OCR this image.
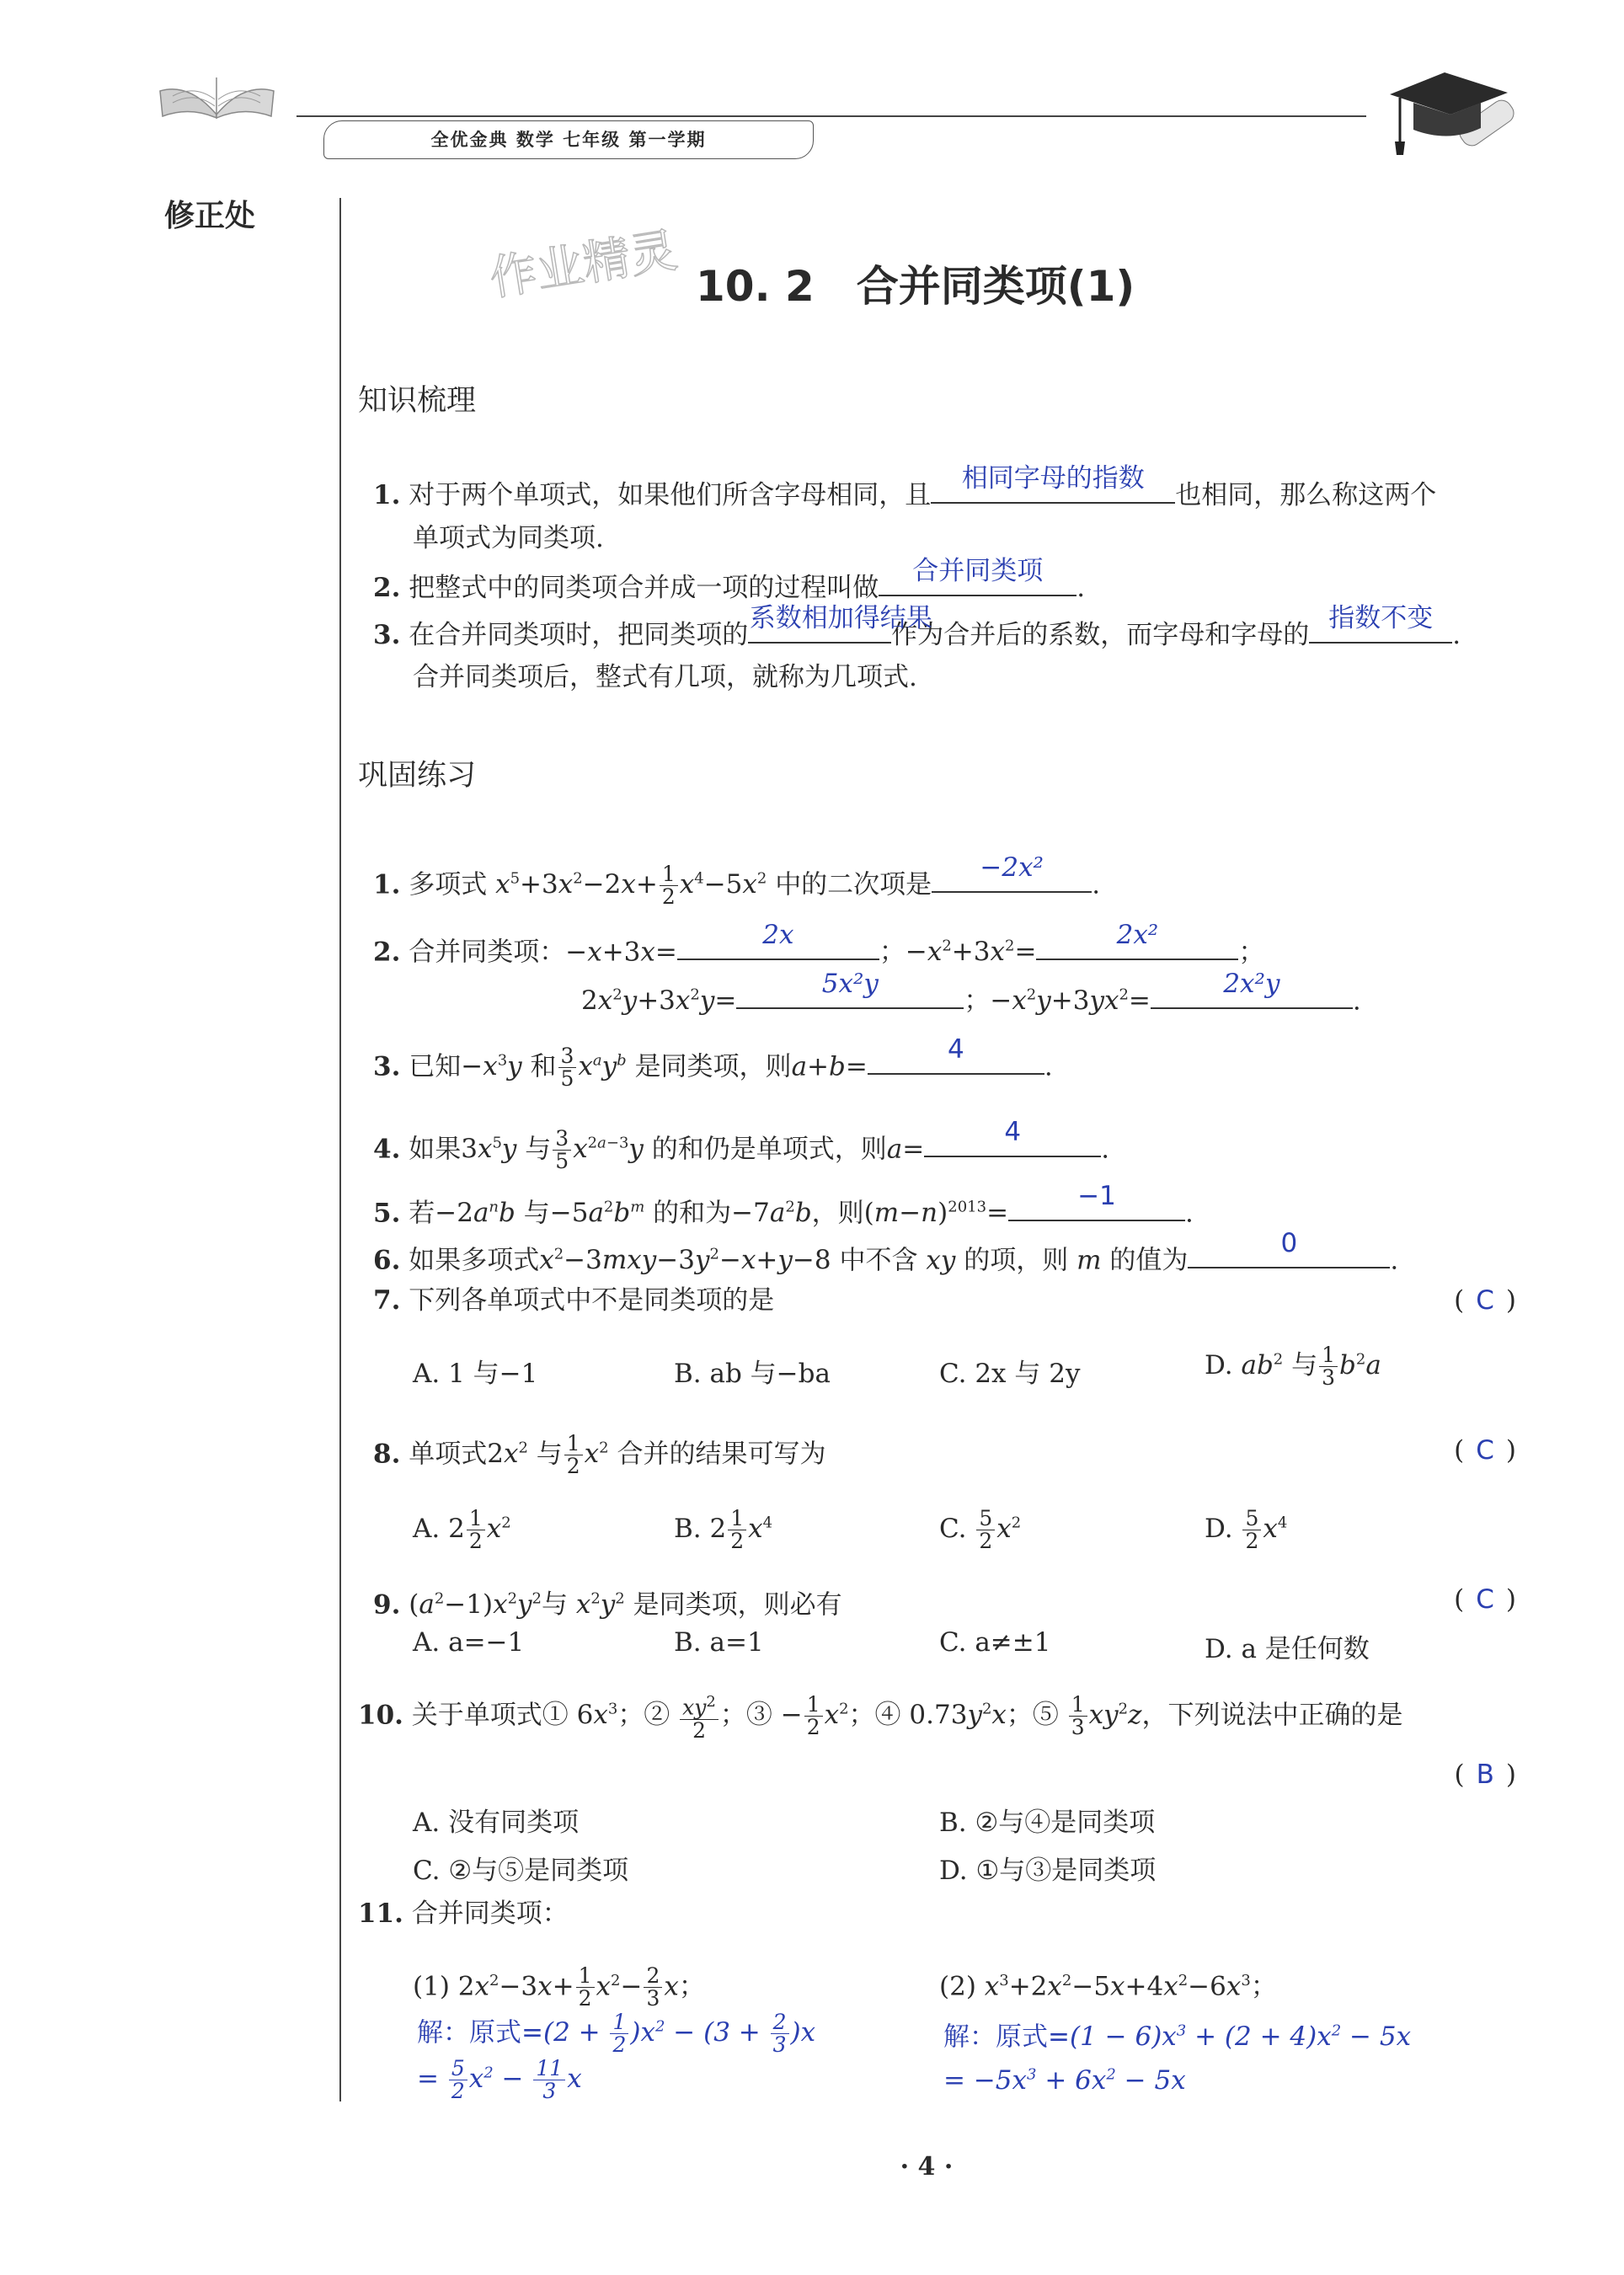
全优金典 数学 七年级 第一学期
修正处
作业精灵 10. 2　合并同类项(1)
知识梳理
1. 对于两个单项式，如果他们所含字母相同，且
相同字母的指数
也相同，那么称这两个
单项式为同类项.
2. 把整式中的同类项合并成一项的过程叫做
合并同类项
.
3. 在合并同类项时，把同类项的
系数相加得结果
作为合并后的系数，而字母和字母的
指数不变
.
合并同类项后，整式有几项，就称为几项式.
巩固练习
1. 多项式 $x^5+3x^2-2x+ \frac{1}{2} x^4-5x^2$ 中的二次项是
−2x²
.
2. 合并同类项：−x+3x=
2x
；$-x^2+3x^2=$
2x²
；
$2x^2y+3x^2y=$
5x²y
；$-x^2y+3yx^2=$
2x²y
.
3. 已知$-x^3y$ 和 $\frac{3}{5} x^ay^b$ 是同类项，则a+b=
4
.
4. 如果$3x^5y$ 与 $\frac{3}{5} x^{2a-3}y$ 的和仍是单项式，则a=
4
.
5. 若$-2a^nb$ 与$-5a^2b^m$ 的和为$-7a^2b$，则$(m-n)^{2013}=$
−1
.
6. 如果多项式$x^2-3mxy-3y^2-x+y-8$ 中不含 xy 的项，则 m 的值为
0
.
7. 下列各单项式中不是同类项的是	( C )
A. 1 与−1	B. ab 与−ba	C. 2x 与 2y	D. $ab^2$ 与 $\frac{1}{3} b^2a$
8. 单项式$2x^2$ 与 $\frac{1}{2} x^2$ 合并的结果可写为	( C )
A. $2 \frac{1}{2} x^2$	B. $2 \frac{1}{2} x^4$	C. $\frac{5}{2} x^2$	D. $\frac{5}{2} x^4$
9. $(a^2-1)x^2y^2$与 $x^2y^2$ 是同类项，则必有	( C )
A. a=−1	B. a=1	C. a≠±1	D. a 是任何数
10. 关于单项式① $6x^3$；② $\frac{xy^2}{2}$ ；③ − $\frac{1}{2} x^2$；④ $0.73y^2x$；⑤ $\frac{1}{3} xy^2z$，下列说法中正确的是
( B )
A. 没有同类项	B. ②与④是同类项
C. ②与⑤是同类项	D. ①与③是同类项
11. 合并同类项：
(1) $2x^2-3x+ \frac{1}{2} x^2- \frac{2}{3}$ x；	(2) $x^3+2x^2-5x+4x^2-6x^3$；
解：原式$=(2 + \frac{1}{2} )x^2 - (3 + \frac{2}{3} )x$
= $\frac{5}{2} x^2 - \frac{11}{3}$ x
解：原式$=(1 - 6)x^3 + (2 + 4)x^2 - 5x$
= $-5x^3 + 6x^2 - 5x$
· 4 ·
